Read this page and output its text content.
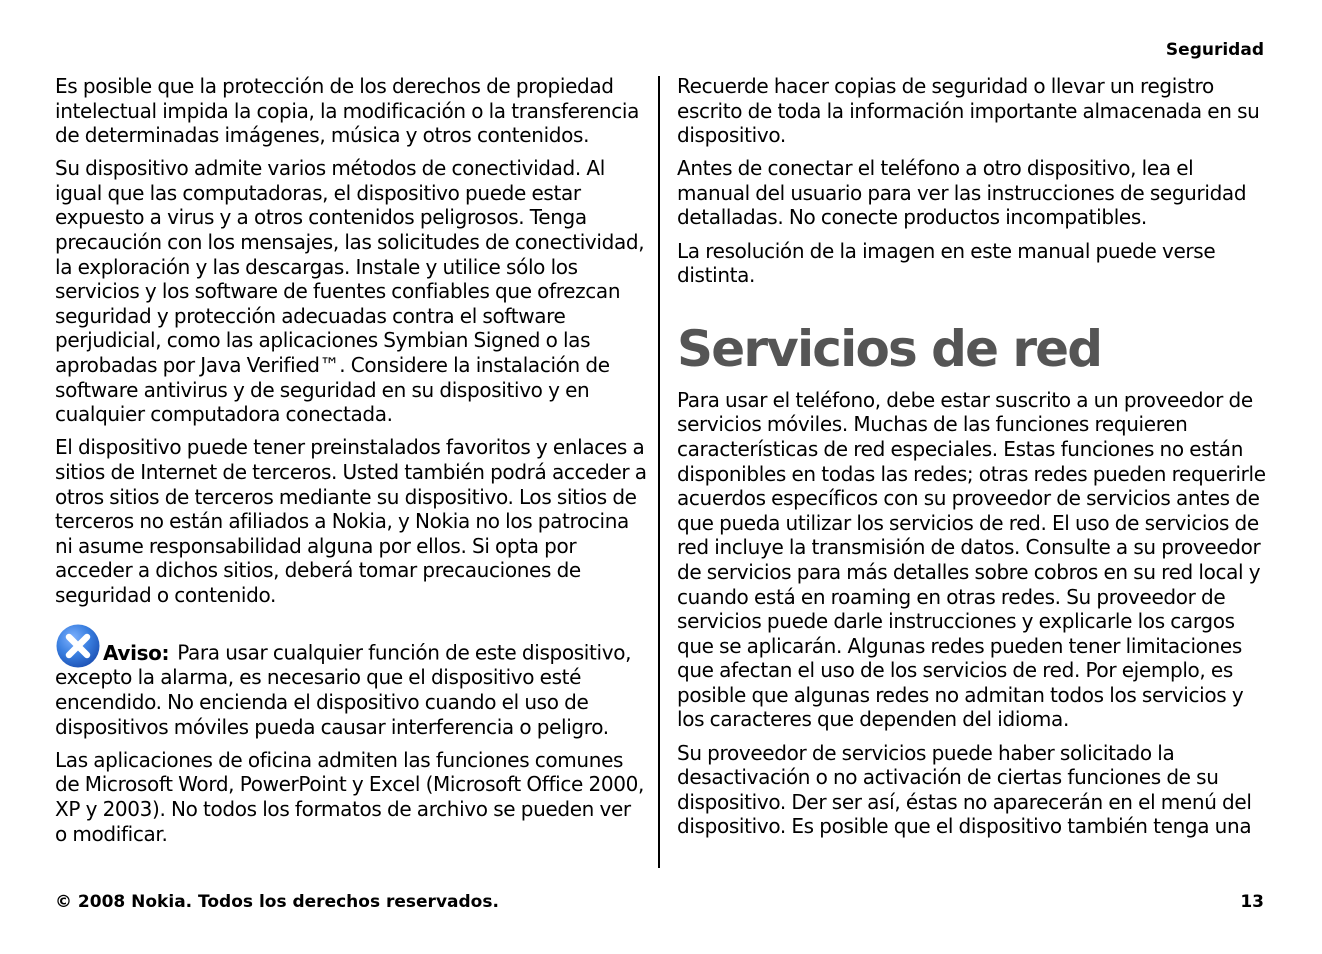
Seguridad

Es posible que la protección de los derechos de propiedad intelectual impida la copia, la modificación o la transferencia de determinadas imágenes, música y otros contenidos.

Su dispositivo admite varios métodos de conectividad. Al igual que las computadoras, el dispositivo puede estar expuesto a virus y a otros contenidos peligrosos. Tenga precaución con los mensajes, las solicitudes de conectividad, la exploración y las descargas. Instale y utilice sólo los servicios y los software de fuentes confiables que ofrezcan seguridad y protección adecuadas contra el software perjudicial, como las aplicaciones Symbian Signed o las aprobadas por Java Verified™. Considere la instalación de software antivirus y de seguridad en su dispositivo y en cualquier computadora conectada.

El dispositivo puede tener preinstalados favoritos y enlaces a sitios de Internet de terceros. Usted también podrá acceder a otros sitios de terceros mediante su dispositivo. Los sitios de terceros no están afiliados a Nokia, y Nokia no los patrocina ni asume responsabilidad alguna por ellos. Si opta por acceder a dichos sitios, deberá tomar precauciones de seguridad o contenido.

Aviso: Para usar cualquier función de este dispositivo, excepto la alarma, es necesario que el dispositivo esté encendido. No encienda el dispositivo cuando el uso de dispositivos móviles pueda causar interferencia o peligro.

Las aplicaciones de oficina admiten las funciones comunes de Microsoft Word, PowerPoint y Excel (Microsoft Office 2000, XP y 2003). No todos los formatos de archivo se pueden ver o modificar.

Recuerde hacer copias de seguridad o llevar un registro escrito de toda la información importante almacenada en su dispositivo.

Antes de conectar el teléfono a otro dispositivo, lea el manual del usuario para ver las instrucciones de seguridad detalladas. No conecte productos incompatibles.

La resolución de la imagen en este manual puede verse distinta.

Servicios de red

Para usar el teléfono, debe estar suscrito a un proveedor de servicios móviles. Muchas de las funciones requieren características de red especiales. Estas funciones no están disponibles en todas las redes; otras redes pueden requerirle acuerdos específicos con su proveedor de servicios antes de que pueda utilizar los servicios de red. El uso de servicios de red incluye la transmisión de datos. Consulte a su proveedor de servicios para más detalles sobre cobros en su red local y cuando está en roaming en otras redes. Su proveedor de servicios puede darle instrucciones y explicarle los cargos que se aplicarán. Algunas redes pueden tener limitaciones que afectan el uso de los servicios de red. Por ejemplo, es posible que algunas redes no admitan todos los servicios y los caracteres que dependen del idioma.

Su proveedor de servicios puede haber solicitado la desactivación o no activación de ciertas funciones de su dispositivo. Der ser así, éstas no aparecerán en el menú del dispositivo. Es posible que el dispositivo también tenga una

© 2008 Nokia. Todos los derechos reservados.	13
